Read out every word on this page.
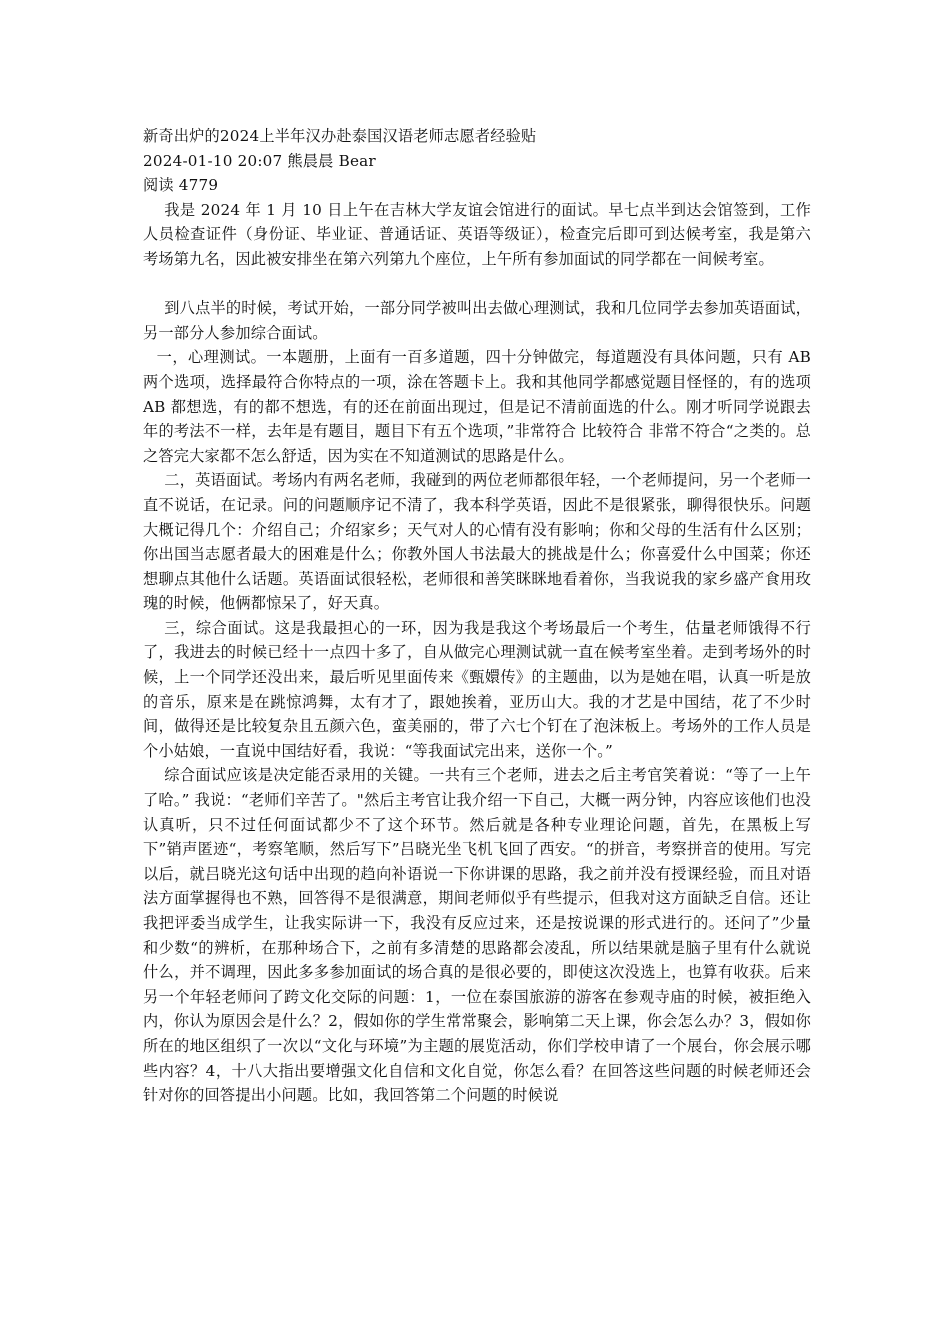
新奇出炉的2024上半年汉办赴泰国汉语老师志愿者经验贴

2024-01-10 20:07 熊晨晨 Bear

阅读 4779

我是 2024 年 1 月 10 日上午在吉林大学友谊会馆进行的面试。早七点半到达会馆签到，工作人员检查证件（身份证、毕业证、普通话证、英语等级证），检查完后即可到达候考室，我是第六考场第九名，因此被安排坐在第六列第九个座位，上午所有参加面试的同学都在一间候考室。

到八点半的时候，考试开始，一部分同学被叫出去做心理测试，我和几位同学去参加英语面试，另一部分人参加综合面试。

一，心理测试。一本题册，上面有一百多道题，四十分钟做完，每道题没有具体问题，只有 AB 两个选项，选择最符合你特点的一项，涂在答题卡上。我和其他同学都感觉题目怪怪的，有的选项 AB 都想选，有的都不想选，有的还在前面出现过，但是记不清前面选的什么。刚才听同学说跟去年的考法不一样，去年是有题目，题目下有五个选项，”非常符合 比较符合 非常不符合“之类的。总之答完大家都不怎么舒适，因为实在不知道测试的思路是什么。

二，英语面试。考场内有两名老师，我碰到的两位老师都很年轻，一个老师提问，另一个老师一直不说话，在记录。问的问题顺序记不清了，我本科学英语，因此不是很紧张，聊得很快乐。问题大概记得几个：介绍自己；介绍家乡；天气对人的心情有没有影响；你和父母的生活有什么区别；你出国当志愿者最大的困难是什么；你教外国人书法最大的挑战是什么；你喜爱什么中国菜；你还想聊点其他什么话题。英语面试很轻松，老师很和善笑眯眯地看着你，当我说我的家乡盛产食用玫瑰的时候，他俩都惊呆了，好天真。

三，综合面试。这是我最担心的一环，因为我是我这个考场最后一个考生，估量老师饿得不行了，我进去的时候已经十一点四十多了，自从做完心理测试就一直在候考室坐着。走到考场外的时候，上一个同学还没出来，最后听见里面传来《甄嬛传》的主题曲，以为是她在唱，认真一听是放的音乐，原来是在跳惊鸿舞，太有才了，跟她挨着，亚历山大。我的才艺是中国结，花了不少时间，做得还是比较复杂且五颜六色，蛮美丽的，带了六七个钉在了泡沫板上。考场外的工作人员是个小姑娘，一直说中国结好看，我说：“等我面试完出来，送你一个。”

综合面试应该是决定能否录用的关键。一共有三个老师，进去之后主考官笑着说：“等了一上午了哈。” 我说：“老师们辛苦了。"然后主考官让我介绍一下自己，大概一两分钟，内容应该他们也没认真听，只不过任何面试都少不了这个环节。然后就是各种专业理论问题，首先，在黑板上写下”销声匿迹“，考察笔顺，然后写下”吕晓光坐飞机飞回了西安。“的拼音，考察拼音的使用。写完以后，就吕晓光这句话中出现的趋向补语说一下你讲课的思路，我之前并没有授课经验，而且对语法方面掌握得也不熟，回答得不是很满意，期间老师似乎有些提示，但我对这方面缺乏自信。还让我把评委当成学生，让我实际讲一下，我没有反应过来，还是按说课的形式进行的。还问了”少量和少数“的辨析，在那种场合下，之前有多清楚的思路都会凌乱，所以结果就是脑子里有什么就说什么，并不调理，因此多多参加面试的场合真的是很必要的，即使这次没选上，也算有收获。后来另一个年轻老师问了跨文化交际的问题：1，一位在泰国旅游的游客在参观寺庙的时候，被拒绝入内，你认为原因会是什么？2，假如你的学生常常聚会，影响第二天上课，你会怎么办？3，假如你所在的地区组织了一次以“文化与环境”为主题的展览活动，你们学校申请了一个展台，你会展示哪些内容？4，十八大指出要增强文化自信和文化自觉，你怎么看？在回答这些问题的时候老师还会针对你的回答提出小问题。比如，我回答第二个问题的时候说
